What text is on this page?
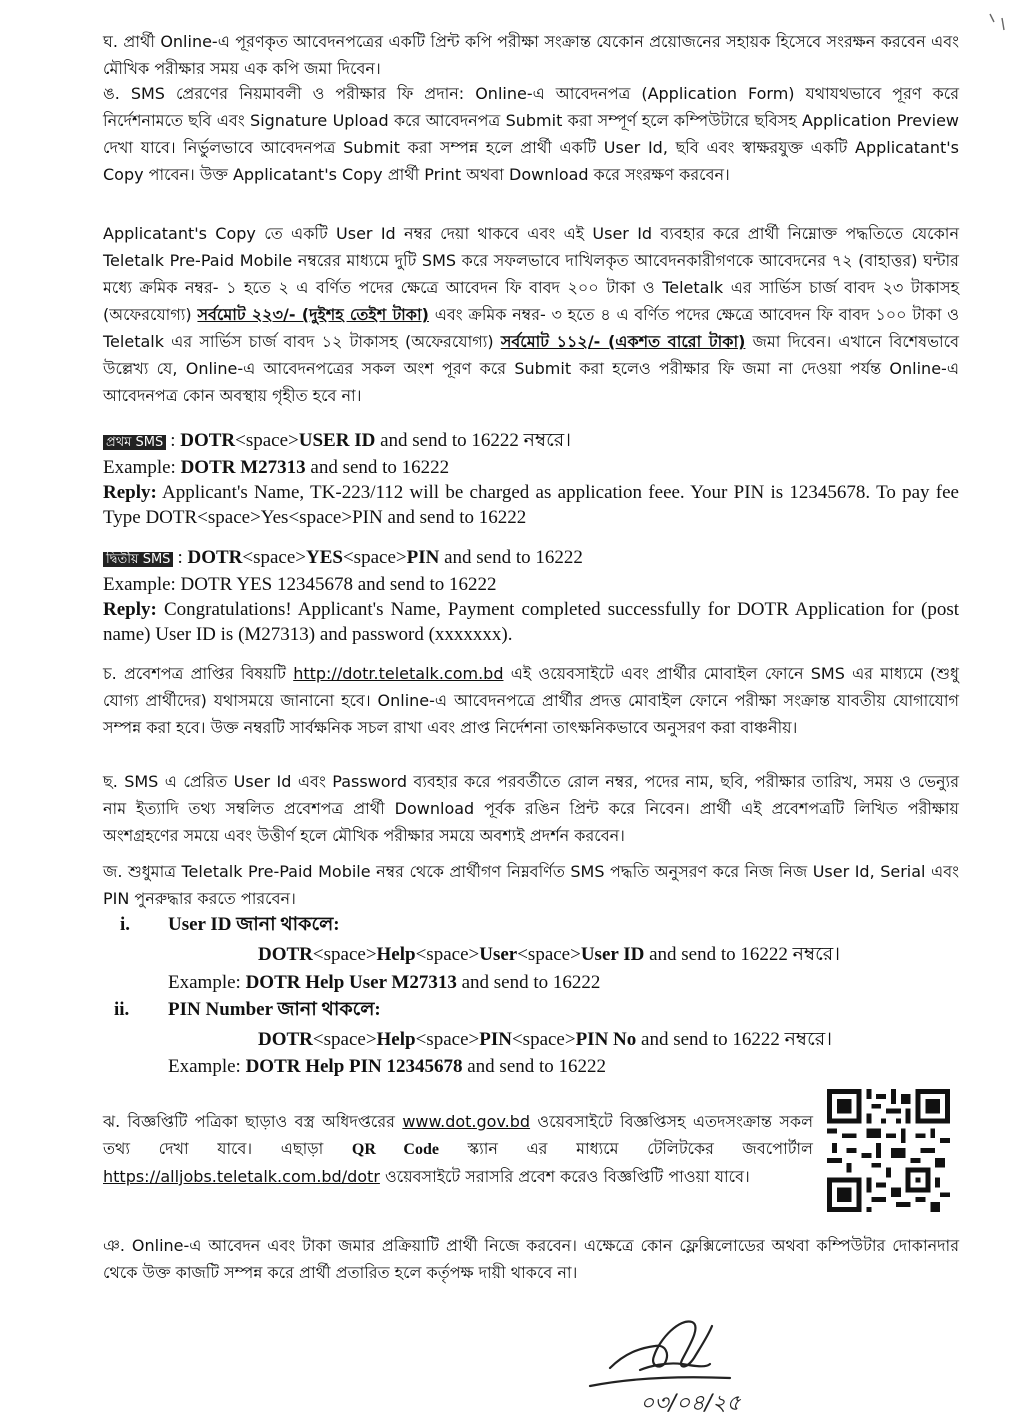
ঘ. প্রার্থী Online-এ পূরণকৃত আবেদনপত্রের একটি প্রিন্ট কপি পরীক্ষা সংক্রান্ত যেকোন প্রয়োজনের সহায়ক হিসেবে সংরক্ষন করবেন এবং মৌখিক পরীক্ষার সময় এক কপি জমা দিবেন।
ঙ. SMS প্রেরণের নিয়মাবলী ও পরীক্ষার ফি প্রদান: Online-এ আবেদনপত্র (Application Form) যথাযথভাবে পূরণ করে নির্দেশনামতে ছবি এবং Signature Upload করে আবেদনপত্র Submit করা সম্পূর্ণ হলে কম্পিউটারে ছবিসহ Application Preview দেখা যাবে। নির্ভুলভাবে আবেদনপত্র Submit করা সম্পন্ন হলে প্রার্থী একটি User Id, ছবি এবং স্বাক্ষরযুক্ত একটি Applicatant's Copy পাবেন। উক্ত Applicatant's Copy প্রার্থী Print অথবা Download করে সংরক্ষণ করবেন।
Applicatant's Copy তে একটি User Id নম্বর দেয়া থাকবে এবং এই User Id ব্যবহার করে প্রার্থী নিম্নোক্ত পদ্ধতিতে যেকোন Teletalk Pre-Paid Mobile নম্বরের মাধ্যমে দুটি SMS করে সফলভাবে দাখিলকৃত আবেদনকারীগণকে আবেদনের ৭২ (বাহাত্তর) ঘন্টার মধ্যে ক্রমিক নম্বর- ১ হতে ২ এ বর্ণিত পদের ক্ষেত্রে আবেদন ফি বাবদ ২০০ টাকা ও Teletalk এর সার্ভিস চার্জ বাবদ ২৩ টাকাসহ (অফেরযোগ্য) সর্বমোট ২২৩/- (দুইশহ তেইশ টাকা) এবং ক্রমিক নম্বর- ৩ হতে ৪ এ বর্ণিত পদের ক্ষেত্রে আবেদন ফি বাবদ ১০০ টাকা ও Teletalk এর সার্ভিস চার্জ বাবদ ১২ টাকাসহ (অফেরযোগ্য) সর্বমোট ১১২/- (একশত বারো টাকা) জমা দিবেন। এখানে বিশেষভাবে উল্লেখ্য যে, Online-এ আবেদনপত্রের সকল অংশ পূরণ করে Submit করা হলেও পরীক্ষার ফি জমা না দেওয়া পর্যন্ত Online-এ আবেদনপত্র কোন অবস্থায় গৃহীত হবে না।
প্রথম SMS : DOTR<space>USER ID and send to 16222 নম্বরে।
Example: DOTR M27313 and send to 16222
Reply: Applicant's Name, TK-223/112 will be charged as application feee. Your PIN is 12345678. To pay fee Type DOTR<space>Yes<space>PIN and send to 16222
দ্বিতীয় SMS : DOTR<space>YES<space>PIN and send to 16222
Example: DOTR YES 12345678 and send to 16222
Reply: Congratulations! Applicant's Name, Payment completed successfully for DOTR Application for (post name) User ID is (M27313) and password (xxxxxxx).
চ. প্রবেশপত্র প্রাপ্তির বিষয়টি http://dotr.teletalk.com.bd এই ওয়েবসাইটে এবং প্রার্থীর মোবাইল ফোনে SMS এর মাধ্যমে (শুধু যোগ্য প্রার্থীদের) যথাসময়ে জানানো হবে। Online-এ আবেদনপত্রে প্রার্থীর প্রদত্ত মোবাইল ফোনে পরীক্ষা সংক্রান্ত যাবতীয় যোগাযোগ সম্পন্ন করা হবে। উক্ত নম্বরটি সার্বক্ষনিক সচল রাখা এবং প্রাপ্ত নির্দেশনা তাৎক্ষনিকভাবে অনুসরণ করা বাঞ্চনীয়।
ছ. SMS এ প্রেরিত User Id এবং Password ব্যবহার করে পরবর্তীতে রোল নম্বর, পদের নাম, ছবি, পরীক্ষার তারিখ, সময় ও ভেন্যুর নাম ইত্যাদি তথ্য সম্বলিত প্রবেশপত্র প্রার্থী Download পূর্বক রঙিন প্রিন্ট করে নিবেন। প্রার্থী এই প্রবেশপত্রটি লিখিত পরীক্ষায় অংশগ্রহণের সময়ে এবং উত্তীর্ণ হলে মৌখিক পরীক্ষার সময়ে অবশ্যই প্রদর্শন করবেন।
জ. শুধুমাত্র Teletalk Pre-Paid Mobile নম্বর থেকে প্রার্থীগণ নিম্নবর্ণিত SMS পদ্ধতি অনুসরণ করে নিজ নিজ User Id, Serial এবং PIN পুনরুদ্ধার করতে পারবেন।
i. User ID জানা থাকলে:
DOTR<space>Help<space>User<space>User ID and send to 16222 নম্বরে।
Example: DOTR Help User M27313 and send to 16222
ii. PIN Number জানা থাকলে:
DOTR<space>Help<space>PIN<space>PIN No and send to 16222 নম্বরে।
Example: DOTR Help PIN 12345678 and send to 16222
ঝ. বিজ্ঞপ্তিটি পত্রিকা ছাড়াও বস্ত্র অধিদপ্তরের www.dot.gov.bd ওয়েবসাইটে বিজ্ঞপ্তিসহ এতদসংক্রান্ত সকল তথ্য দেখা যাবে। এছাড়া QR Code স্ক্যান এর মাধ্যমে টেলিটকের জবপোর্টাল https://alljobs.teletalk.com.bd/dotr ওয়েবসাইটে সরাসরি প্রবেশ করেও বিজ্ঞপ্তিটি পাওয়া যাবে।
ঞ. Online-এ আবেদন এবং টাকা জমার প্রক্রিয়াটি প্রার্থী নিজে করবেন। এক্ষেত্রে কোন ফ্লেক্সিলোডের অথবা কম্পিউটার দোকানদার থেকে উক্ত কাজটি সম্পন্ন করে প্রার্থী প্রতারিত হলে কর্তৃপক্ষ দায়ী থাকবে না।
০৩/০৪/২৫
